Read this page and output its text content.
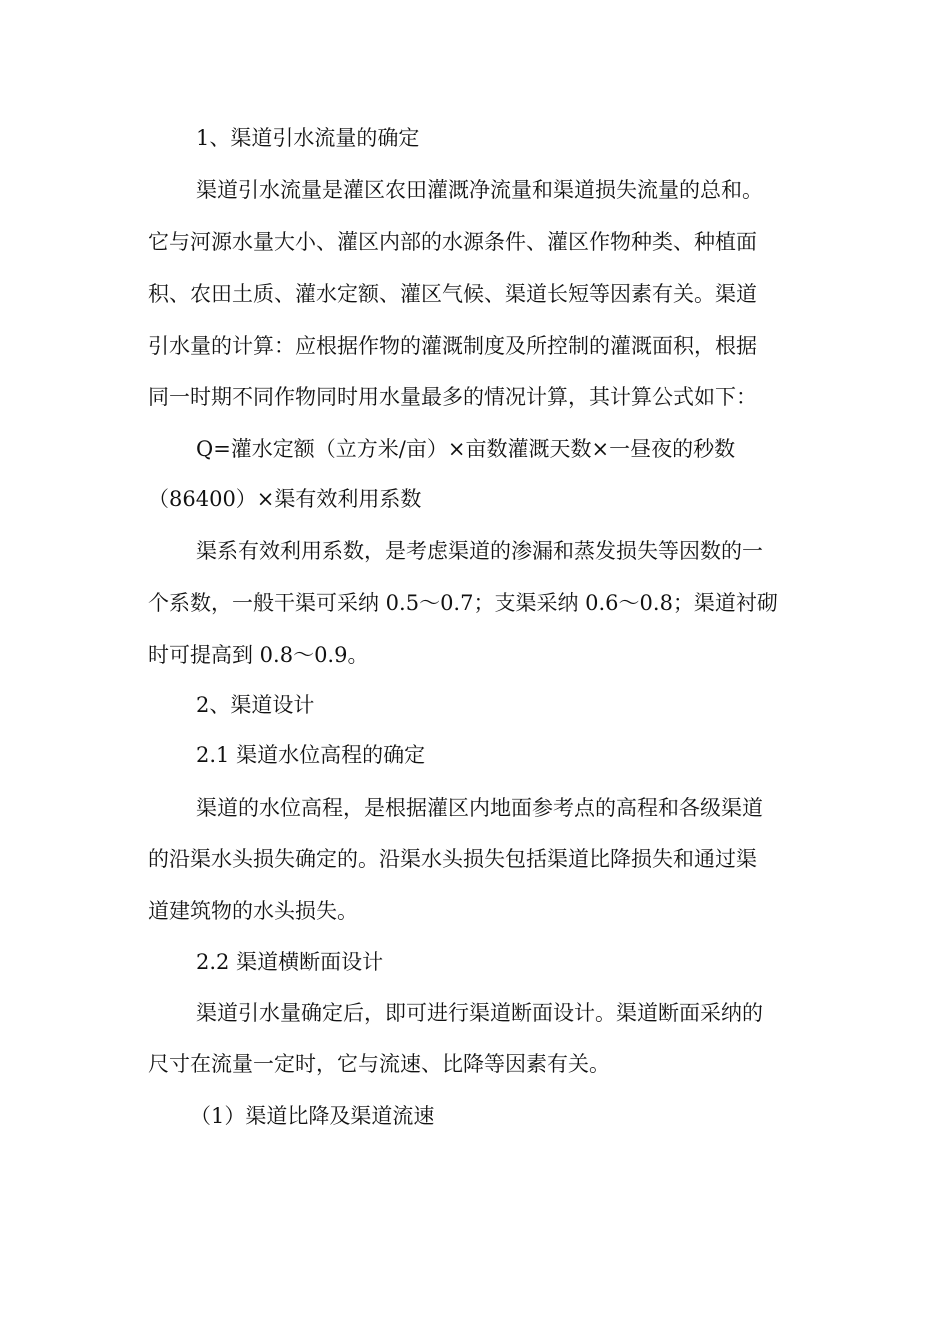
1、渠道引水流量的确定
渠道引水流量是灌区农田灌溉净流量和渠道损失流量的总和。
它与河源水量大小、灌区内部的水源条件、灌区作物种类、种植面
积、农田土质、灌水定额、灌区气候、渠道长短等因素有关。渠道
引水量的计算：应根据作物的灌溉制度及所控制的灌溉面积，根据
同一时期不同作物同时用水量最多的情况计算，其计算公式如下：
Q=灌水定额（立方米/亩）×亩数灌溉天数×一昼夜的秒数
（86400）×渠有效利用系数
渠系有效利用系数，是考虑渠道的渗漏和蒸发损失等因数的一
个系数，一般干渠可采纳 0.5～0.7；支渠采纳 0.6～0.8；渠道衬砌
时可提高到 0.8～0.9。
2、渠道设计
2.1 渠道水位高程的确定
渠道的水位高程，是根据灌区内地面参考点的高程和各级渠道
的沿渠水头损失确定的。沿渠水头损失包括渠道比降损失和通过渠
道建筑物的水头损失。
2.2 渠道横断面设计
渠道引水量确定后，即可进行渠道断面设计。渠道断面采纳的
尺寸在流量一定时，它与流速、比降等因素有关。
（1）渠道比降及渠道流速
